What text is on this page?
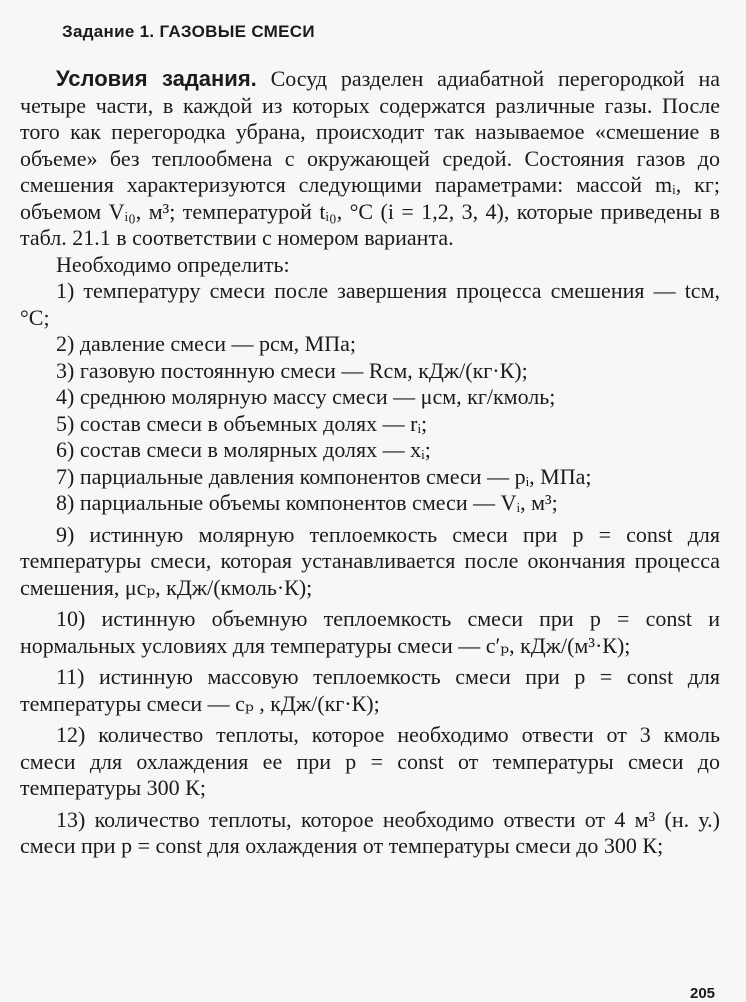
Задание 1. ГАЗОВЫЕ СМЕСИ

Условия задания. Сосуд разделен адиабатной перегородкой на четыре части, в каждой из которых содержатся различные газы. После того как перегородка убрана, происходит так называемое «смешение в объеме» без теплообмена с окружающей средой. Состояния газов до смешения характеризуются следующими параметрами: массой mᵢ, кг; объемом Vᵢ₀, м³; температурой tᵢ₀, °C (i = 1,2, 3, 4), которые приведены в табл. 21.1 в соответствии с номером варианта.

Необходимо определить:

1) температуру смеси после завершения процесса смешения — tсм, °C;

2) давление смеси — pсм, МПа;

3) газовую постоянную смеси — Rсм, кДж/(кг·К);

4) среднюю молярную массу смеси — μсм, кг/кмоль;

5) состав смеси в объемных долях — rᵢ;

6) состав смеси в молярных долях — xᵢ;

7) парциальные давления компонентов смеси — pᵢ, МПа;

8) парциальные объемы компонентов смеси — Vᵢ, м³;

9) истинную молярную теплоемкость смеси при p = const для температуры смеси, которая устанавливается после окончания процесса смешения, μcₚ, кДж/(кмоль·К);

10) истинную объемную теплоемкость смеси при p = const и нормальных условиях для температуры смеси — c′ₚ, кДж/(м³·К);

11) истинную массовую теплоемкость смеси при p = const для температуры смеси — cₚ , кДж/(кг·К);

12) количество теплоты, которое необходимо отвести от 3 кмоль смеси для охлаждения ее при p = const от температуры смеси до температуры 300 К;

13) количество теплоты, которое необходимо отвести от 4 м³ (н. у.) смеси при p = const для охлаждения от температуры смеси до 300 К;

205
